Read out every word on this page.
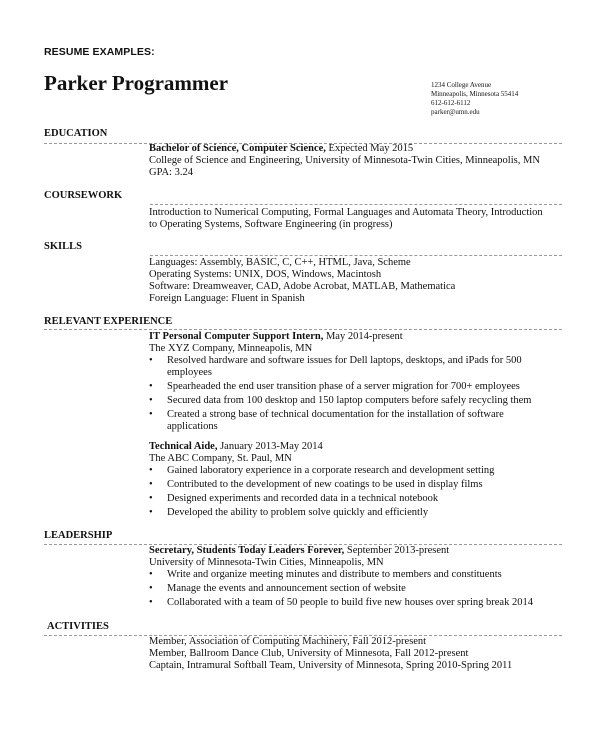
RESUME EXAMPLES:
Parker Programmer	1234 College Avenue
Minneapolis, Minnesota 55414
612-612-6112
parker@umn.edu
EDUCATION

Bachelor of Science, Computer Science, Expected May 2015

College of Science and Engineering, University of Minnesota-Twin Cities, Minneapolis, MN

GPA: 3.24

COURSEWORK

Introduction to Numerical Computing, Formal Languages and Automata Theory, Introduction

to Operating Systems, Software Engineering (in progress)

SKILLS

Languages: Assembly, BASIC, C, C++, HTML, Java, Scheme

Operating Systems: UNIX, DOS, Windows, Macintosh

Software: Dreamweaver, CAD, Adobe Acrobat, MATLAB, Mathematica

Foreign Language: Fluent in Spanish

RELEVANT EXPERIENCE

IT Personal Computer Support Intern, May 2014-present

The XYZ Company, Minneapolis, MN

• Resolved hardware and software issues for Dell laptops, desktops, and iPads for 500 employees
• Spearheaded the end user transition phase of a server migration for 700+ employees
• Secured data from 100 desktop and 150 laptop computers before safely recycling them
• Created a strong base of technical documentation for the installation of software applications

Technical Aide, January 2013-May 2014

The ABC Company, St. Paul, MN

• Gained laboratory experience in a corporate research and development setting
• Contributed to the development of new coatings to be used in display films
• Designed experiments and recorded data in a technical notebook
• Developed the ability to problem solve quickly and efficiently
LEADERSHIP

Secretary, Students Today Leaders Forever, September 2013-present

University of Minnesota-Twin Cities, Minneapolis, MN

• Write and organize meeting minutes and distribute to members and constituents
• Manage the events and announcement section of website
• Collaborated with a team of 50 people to build five new houses over spring break 2014
ACTIVITIES

Member, Association of Computing Machinery, Fall 2012-present

Member, Ballroom Dance Club, University of Minnesota, Fall 2012-present

Captain, Intramural Softball Team, University of Minnesota, Spring 2010-Spring 2011
